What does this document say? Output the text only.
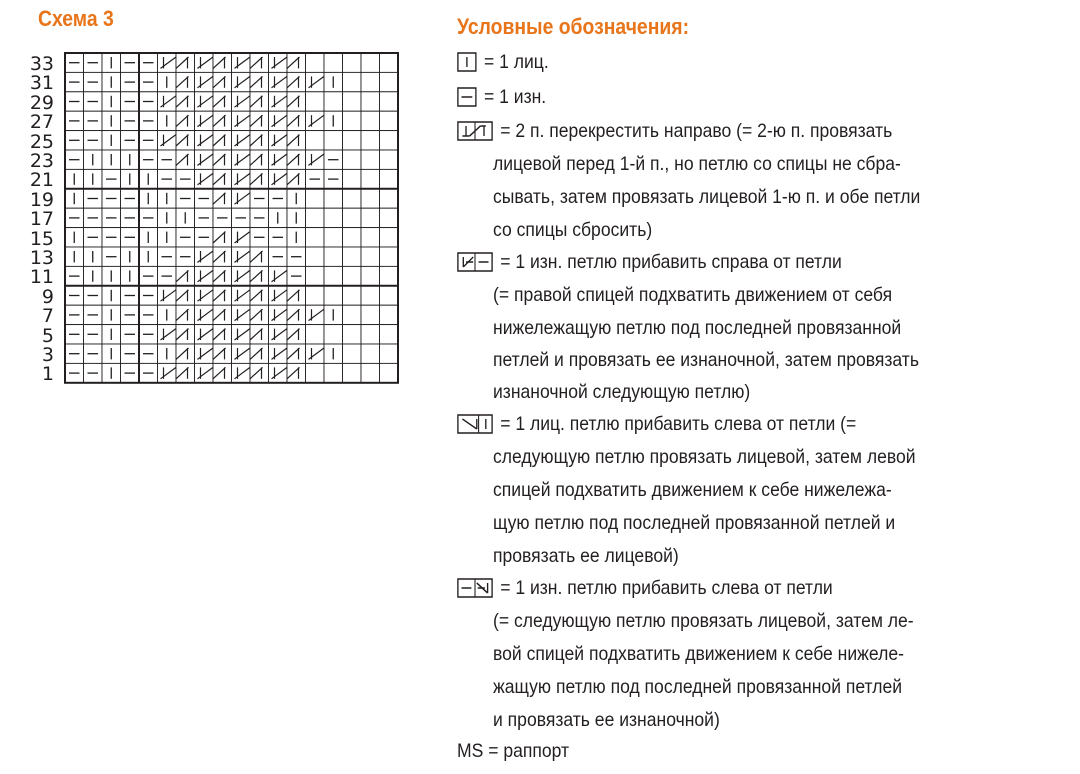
Схема 3	Условные обозначения:
33
31
29
27
25
23
21
19
17
15
13
11
9
7
5
3
1
= 1 лиц.
= 1 изн.
= 2 п. перекрестить направо (= 2-ю п. провязать
лицевой перед 1-й п., но петлю со спицы не сбра-
сывать, затем провязать лицевой 1-ю п. и обе петли
со спицы сбросить)
= 1 изн. петлю прибавить справа от петли
(= правой спицей подхватить движением от себя
нижележащую петлю под последней провязанной
петлей и провязать ее изнаночной, затем провязать
изнаночной следующую петлю)
= 1 лиц. петлю прибавить слева от петли (=
следующую петлю провязать лицевой, затем левой
спицей подхватить движением к себе нижележа-
щую петлю под последней провязанной петлей и
провязать ее лицевой)
= 1 изн. петлю прибавить слева от петли
(= следующую петлю провязать лицевой, затем ле-
вой спицей подхватить движением к себе нижеле-
жащую петлю под последней провязанной петлей
и провязать ее изнаночной)
MS = раппорт
